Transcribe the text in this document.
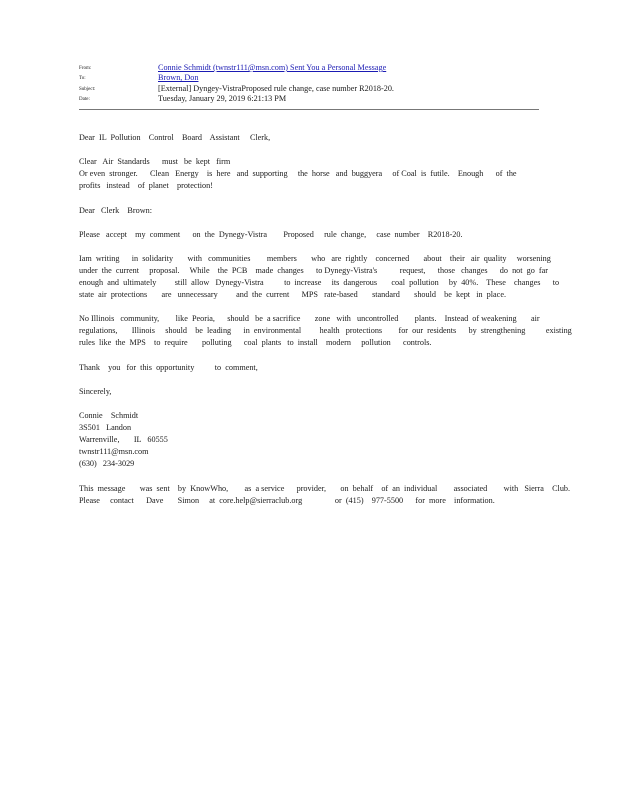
From:	Connie Schmidt (twnstr111@msn.com) Sent You a Personal Message
To:	Brown, Don
Subject:	[External] Dyngey-VistraProposed rule change, case number R2018-20.
Date:	Tuesday, January 29, 2019 6:21:13 PM
Dear  IL  Pollution    Control    Board    Assistant     Clerk,
Clear   Air  Standards      must   be  kept   firm
Or even  stronger.      Clean   Energy    is  here   and  supporting     the  horse   and  buggyera     of Coal  is  futile.    Enough      of  the
profits   instead    of  planet    protection!
Dear   Clerk    Brown:
Please   accept    my  comment      on  the  Dynegy-Vistra        Proposed     rule  change,     case  number    R2018-20.
Iam  writing      in  solidarity       with   communities        members       who   are  rightly    concerned       about    their   air  quality     worsening
under  the  current     proposal.     While    the  PCB    made  changes      to Dynegy-Vistra's           request,      those   changes      do  not  go  far
enough  and  ultimately         still  allow   Dynegy-Vistra          to  increase     its  dangerous       coal  pollution     by  40%.    These    changes      to
state  air  protections       are   unnecessary         and  the  current      MPS   rate-based       standard       should    be  kept   in  place.
No Illinois   community,        like  Peoria,      should   be  a sacrifice       zone   with   uncontrolled        plants.    Instead  of weakening       air
regulations,       Illinois     should    be  leading      in  environmental         health   protections        for  our  residents      by  strengthening          existing
rules  like  the  MPS    to  require       polluting      coal  plants   to  install    modern     pollution      controls.
Thank    you   for  this  opportunity          to  comment,
Sincerely,
Connie    Schmidt
3S501   Landon
Warrenville,       IL   60555
twnstr111@msn.com
(630)   234-3029
This  message       was  sent    by  KnowWho,        as  a service      provider,       on  behalf    of  an  individual        associated        with   Sierra    Club.
Please     contact      Dave       Simon     at  core.help@sierraclub.org                or  (415)    977-5500      for  more    information.
